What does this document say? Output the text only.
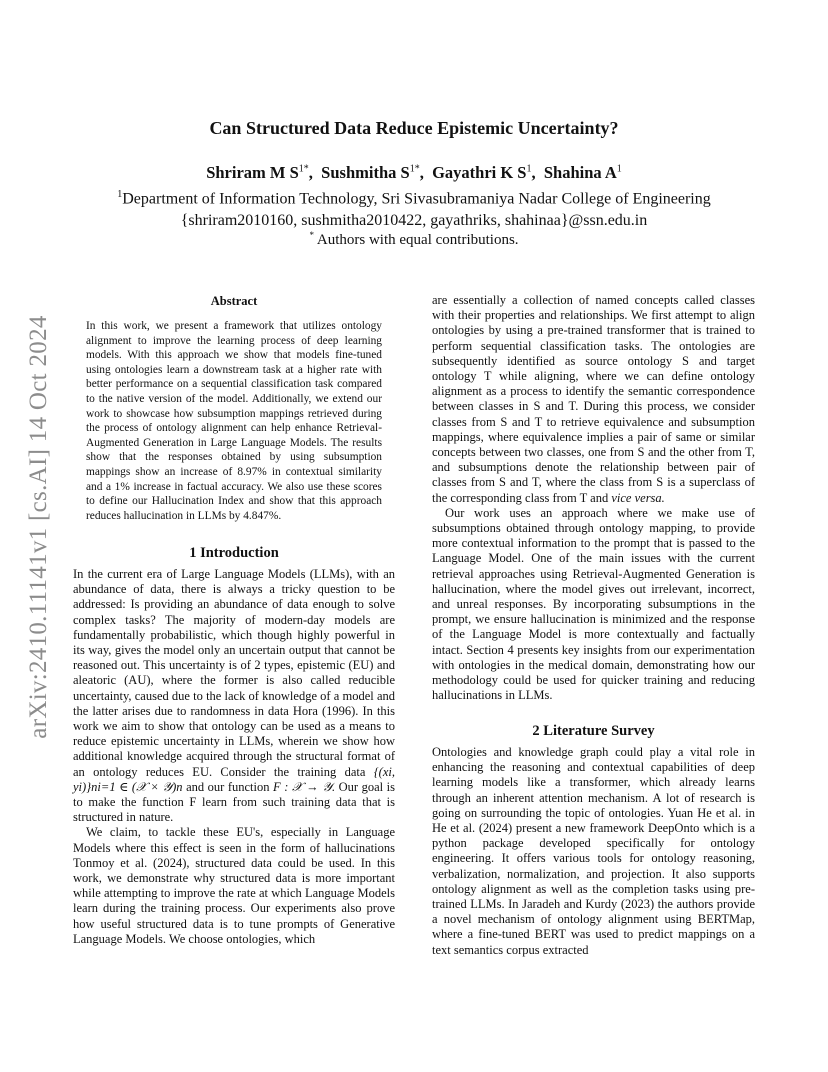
arXiv:2410.11141v1 [cs.AI] 14 Oct 2024
Can Structured Data Reduce Epistemic Uncertainty?
Shriram M $S^{1*}$,  Sushmitha $S^{1*}$,  Gayathri K $S^1$,  Shahina $A^1$
$^1$Department of Information Technology, Sri Sivasubramaniya Nadar College of Engineering
{shriram2010160, sushmitha2010422, gayathriks, shahinaa}@ssn.edu.in
* Authors with equal contributions.
Abstract

In this work, we present a framework that utilizes ontology alignment to improve the learning process of deep learning models. With this approach we show that models fine-tuned using ontologies learn a downstream task at a higher rate with better performance on a sequential classification task compared to the native version of the model. Additionally, we extend our work to showcase how subsumption mappings retrieved during the process of ontology alignment can help enhance Retrieval-Augmented Generation in Large Language Models. The results show that the responses obtained by using subsumption mappings show an increase of 8.97% in contextual similarity and a 1% increase in factual accuracy. We also use these scores to define our Hallucination Index and show that this approach reduces hallucination in LLMs by 4.847%.

1 Introduction

In the current era of Large Language Models (LLMs), with an abundance of data, there is always a tricky question to be addressed: Is providing an abundance of data enough to solve complex tasks? The majority of modern-day models are fundamentally probabilistic, which though highly powerful in its way, gives the model only an uncertain output that cannot be reasoned out. This uncertainty is of 2 types, epistemic (EU) and aleatoric (AU), where the former is also called reducible uncertainty, caused due to the lack of knowledge of a model and the latter arises due to randomness in data Hora (1996). In this work we aim to show that ontology can be used as a means to reduce epistemic uncertainty in LLMs, wherein we show how additional knowledge acquired through the structural format of an ontology reduces EU. Consider the training data {(xi, yi)}ni=1 ∈ (𝒳 × 𝒴)n and our function F : 𝒳 → 𝒴. Our goal is to make the function F learn from such training data that is structured in nature.

We claim, to tackle these EU's, especially in Language Models where this effect is seen in the form of hallucinations Tonmoy et al. (2024), structured data could be used. In this work, we demonstrate why structured data is more important while attempting to improve the rate at which Language Models learn during the training process. Our experiments also prove how useful structured data is to tune prompts of Generative Language Models. We choose ontologies, which

are essentially a collection of named concepts called classes with their properties and relationships. We first attempt to align ontologies by using a pre-trained transformer that is trained to perform sequential classification tasks. The ontologies are subsequently identified as source ontology S and target ontology T while aligning, where we can define ontology alignment as a process to identify the semantic correspondence between classes in S and T. During this process, we consider classes from S and T to retrieve equivalence and subsumption mappings, where equivalence implies a pair of same or similar concepts between two classes, one from S and the other from T, and subsumptions denote the relationship between pair of classes from S and T, where the class from S is a superclass of the corresponding class from T and vice versa.

Our work uses an approach where we make use of subsumptions obtained through ontology mapping, to provide more contextual information to the prompt that is passed to the Language Model. One of the main issues with the current retrieval approaches using Retrieval-Augmented Generation is hallucination, where the model gives out irrelevant, incorrect, and unreal responses. By incorporating subsumptions in the prompt, we ensure hallucination is minimized and the response of the Language Model is more contextually and factually intact. Section 4 presents key insights from our experimentation with ontologies in the medical domain, demonstrating how our methodology could be used for quicker training and reducing hallucinations in LLMs.

2 Literature Survey

Ontologies and knowledge graph could play a vital role in enhancing the reasoning and contextual capabilities of deep learning models like a transformer, which already learns through an inherent attention mechanism. A lot of research is going on surrounding the topic of ontologies. Yuan He et al. in He et al. (2024) present a new framework DeepOnto which is a python package developed specifically for ontology engineering. It offers various tools for ontology reasoning, verbalization, normalization, and projection. It also supports ontology alignment as well as the completion tasks using pre-trained LLMs. In Jaradeh and Kurdy (2023) the authors provide a novel mechanism of ontology alignment using BERTMap, where a fine-tuned BERT was used to predict mappings on a text semantics corpus extracted
